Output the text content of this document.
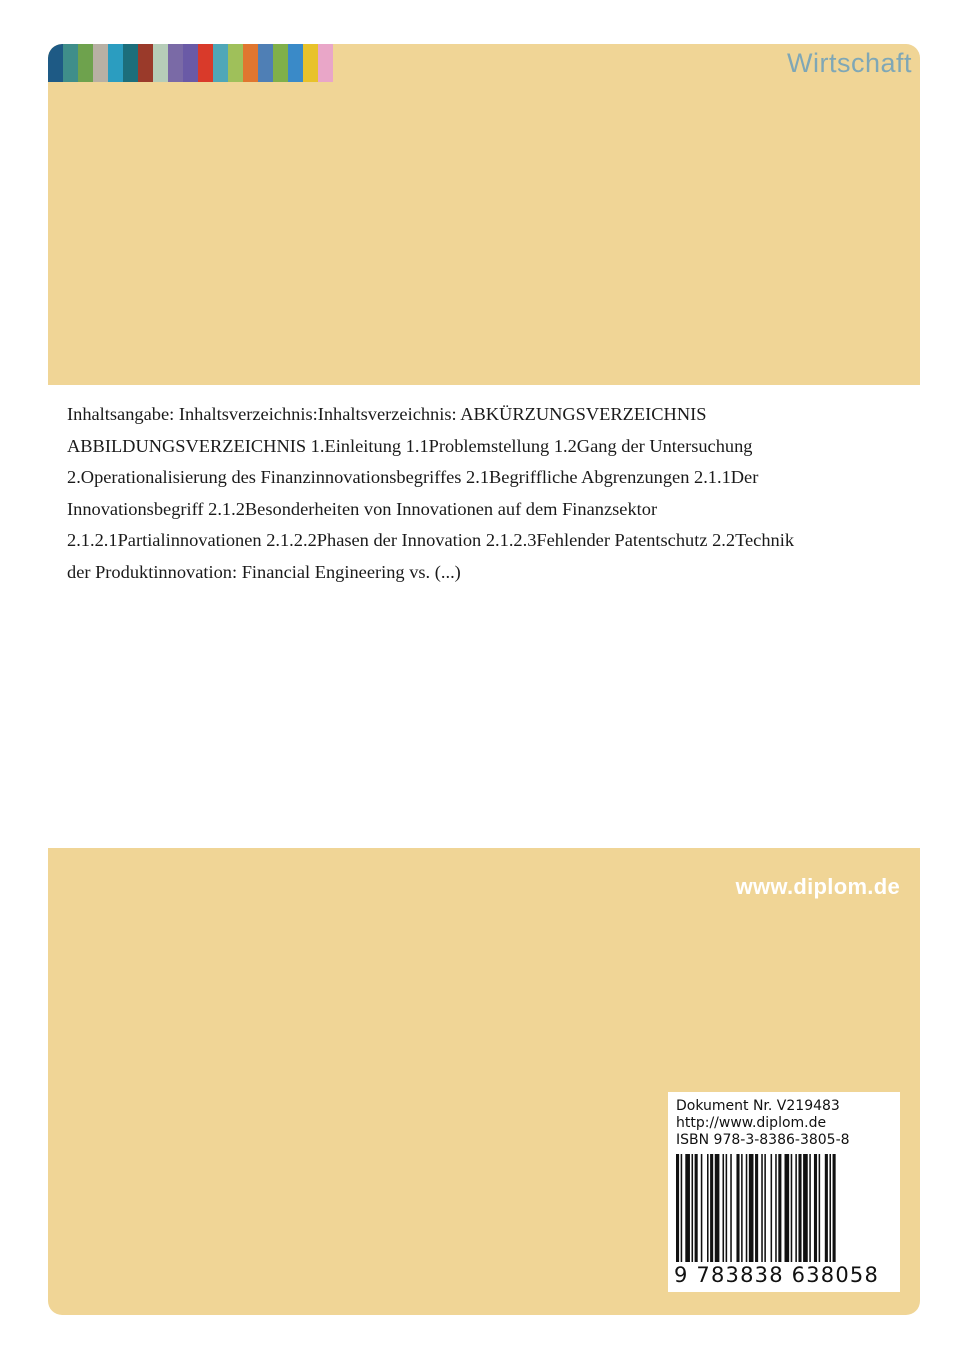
Wirtschaft

Inhaltsangabe: Inhaltsverzeichnis:Inhaltsverzeichnis: ABKÜRZUNGSVERZEICHNIS ABBILDUNGSVERZEICHNIS 1.Einleitung 1.1Problemstellung 1.2Gang der Untersuchung 2.Operationalisierung des Finanzinnovationsbegriffes 2.1Begriffliche Abgrenzungen 2.1.1Der Innovationsbegriff 2.1.2Besonderheiten von Innovationen auf dem Finanzsektor 2.1.2.1Partialinnovationen 2.1.2.2Phasen der Innovation 2.1.2.3Fehlender Patentschutz 2.2Technik der Produktinnovation: Financial Engineering vs. (...)

www.diplom.de
Dokument Nr. V219483
http://www.diplom.de
ISBN 978-3-8386-3805-8
9 783838 638058
